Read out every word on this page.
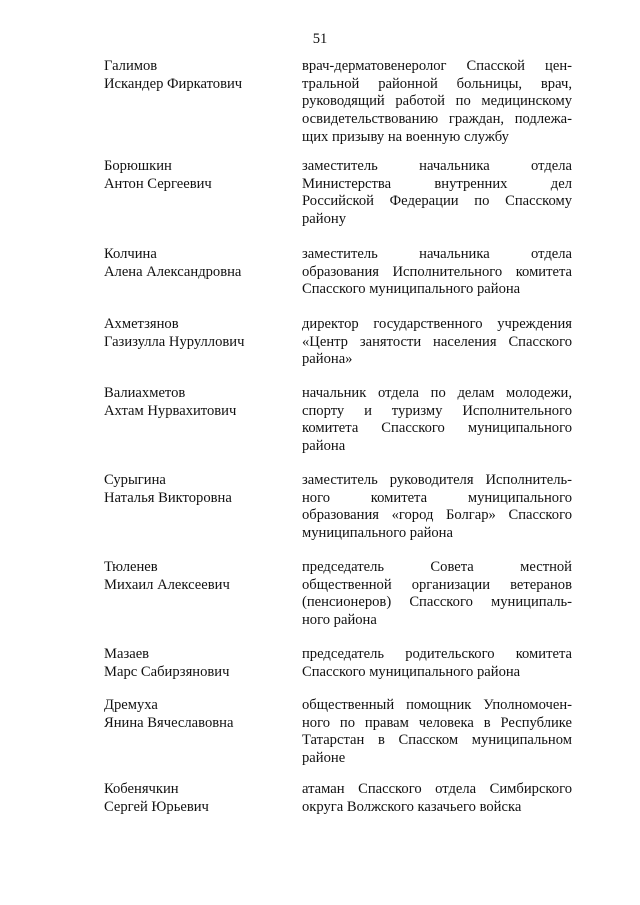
51
Галимов
Искандер Фиркатович
врач-дерматовенеролог Спасской цен-
тральной районной больницы, врач,
руководящий работой по медицинскому
освидетельствованию граждан, подлежа-
щих призыву на военную службу
Борюшкин
Антон Сергеевич
заместитель начальника отдела
Министерства внутренних дел
Российской Федерации по Спасскому
району
Колчина
Алена Александровна
заместитель начальника отдела
образования Исполнительного комитета
Спасского муниципального района
Ахметзянов
Газизулла Нуруллович
директор государственного учреждения
«Центр занятости населения Спасского
района»
Валиахметов
Ахтам Нурвахитович
начальник отдела по делам молодежи,
спорту и туризму Исполнительного
комитета Спасского муниципального
района
Сурыгина
Наталья Викторовна
заместитель руководителя Исполнитель-
ного комитета муниципального
образования «город Болгар» Спасского
муниципального района
Тюленев
Михаил Алексеевич
председатель Совета местной
общественной организации ветеранов
(пенсионеров) Спасского муниципаль-
ного района
Мазаев
Марс Сабирзянович
председатель родительского комитета
Спасского муниципального района
Дремуха
Янина Вячеславовна
общественный помощник Уполномочен-
ного по правам человека в Республике
Татарстан в Спасском муниципальном
районе
Кобенячкин
Сергей Юрьевич
атаман Спасского отдела Симбирского
округа Волжского казачьего войска
